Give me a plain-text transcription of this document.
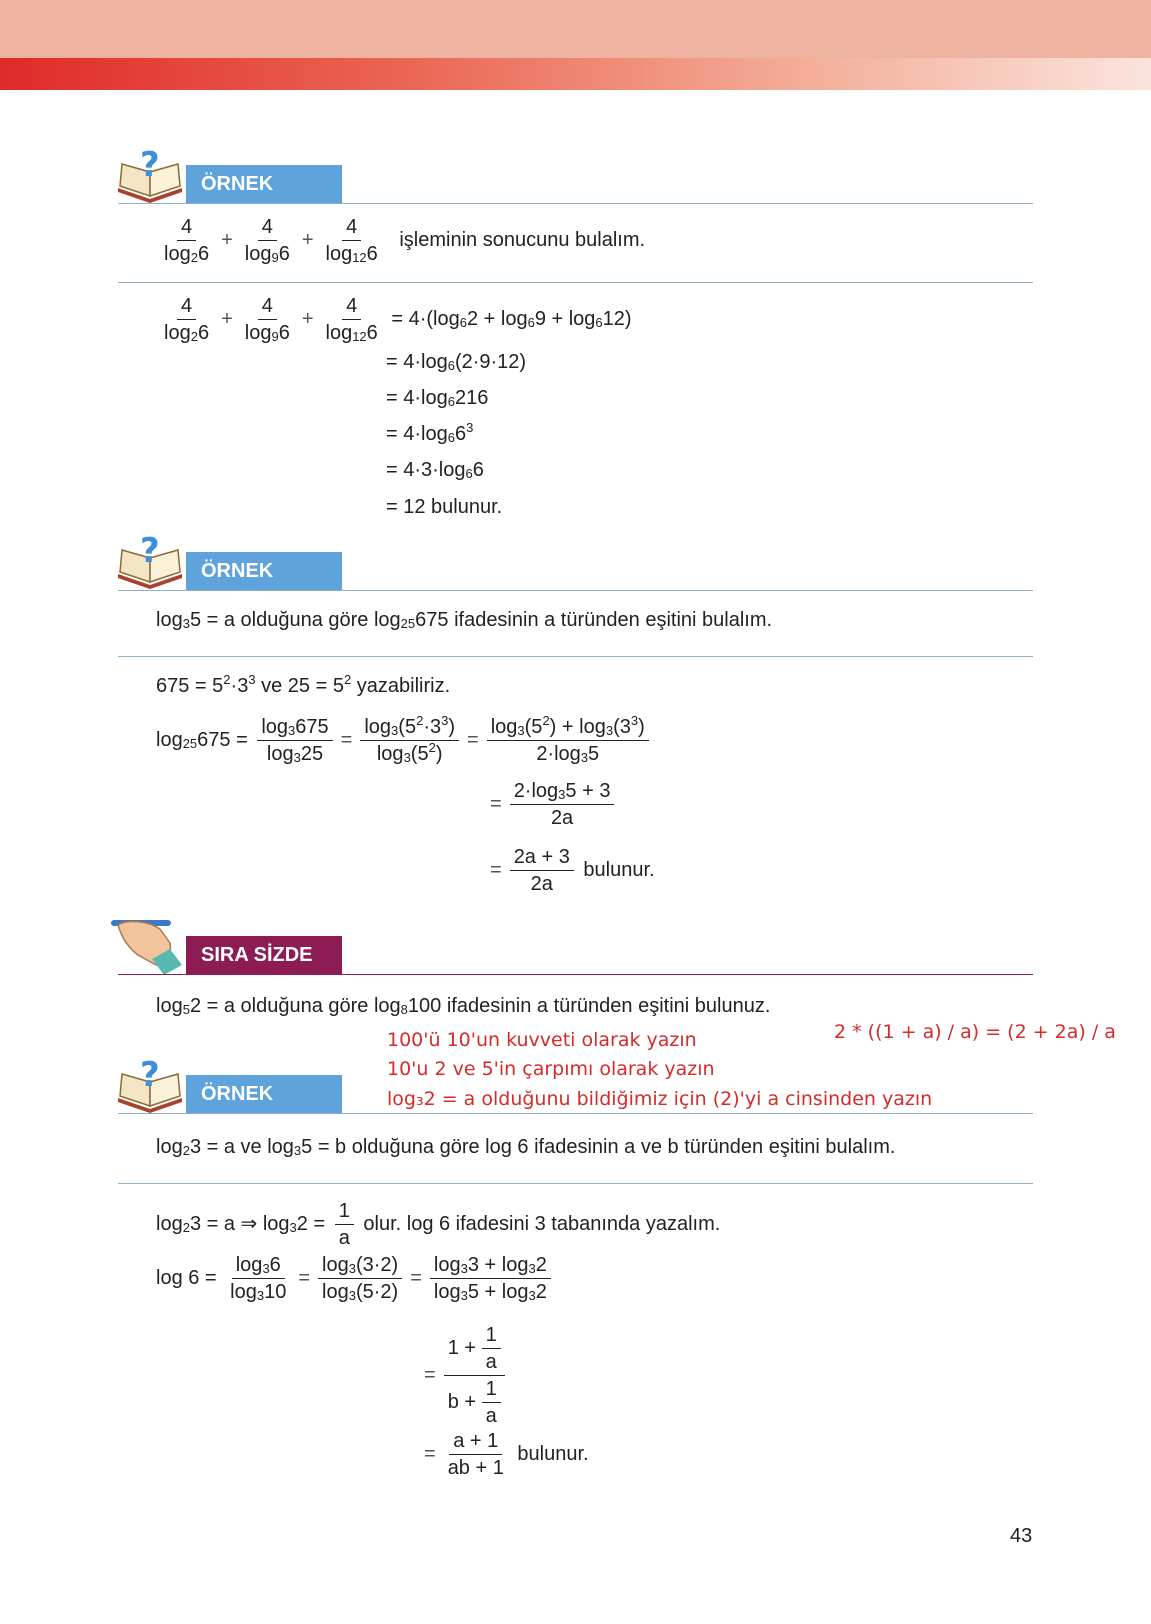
?	ÖRNEK
$\frac{4}{\log_26} + \frac{4}{\log_96} + \frac{4}{\log_{12}6}$ işleminin sonucunu bulalım.
$\frac{4}{\log_26} + \frac{4}{\log_96} + \frac{4}{\log_{12}6} = 4\cdot(\log_62 + \log_69 + \log_612)$
= $4\cdot\log_6(2\cdot 9\cdot 12)$
= $4\cdot\log_6216$
= $4\cdot\log_66^3$
= $4\cdot 3\cdot\log_66$
= 12 bulunur.
?	ÖRNEK
$\log_35 = a$ olduğuna göre $\log_{25}675$ ifadesinin a türünden eşitini bulalım.
$675 = 5^2\cdot 3^3$ ve $25 = 5^2$ yazabiliriz.
$\log_{25}675 = \frac{\log_3675}{\log_325} = \frac{\log_3(5^2\cdot 3^3)}{\log_3(5^2)} = \frac{\log_3(5^2) + \log_3(3^3)}{2\cdot\log_35}$
= $\frac{2\cdot\log_35 + 3}{2a}$
= $\frac{2a + 3}{2a}$ bulunur.
SIRA SİZDE
$\log_52 = a$ olduğuna göre $\log_8100$ ifadesinin a türünden eşitini bulunuz.
100'ü 10'un kuvveti olarak yazın
10'u 2 ve 5'in çarpımı olarak yazın
log₃2 = a olduğunu bildiğimiz için (2)'yi a cinsinden yazın
2 * ((1 + a) / a) = (2 + 2a) / a
?	ÖRNEK
$\log_23 = a$ ve $\log_35 = b$ olduğuna göre log 6 ifadesinin a ve b türünden eşitini bulalım.
$\log_23 = a$ ⇒ $\log_32 = \frac{1}{a}$ olur. log 6 ifadesini 3 tabanında yazalım.
$\log 6 = \frac{\log_36}{\log_310} = \frac{\log_3(3\cdot 2)}{\log_3(5\cdot 2)} = \frac{\log_33 + \log_32}{\log_35 + \log_32}$
= $\frac{1 + \frac{1}{a}}{b + \frac{1}{a}}$
= $\frac{a + 1}{ab + 1}$ bulunur.
43
